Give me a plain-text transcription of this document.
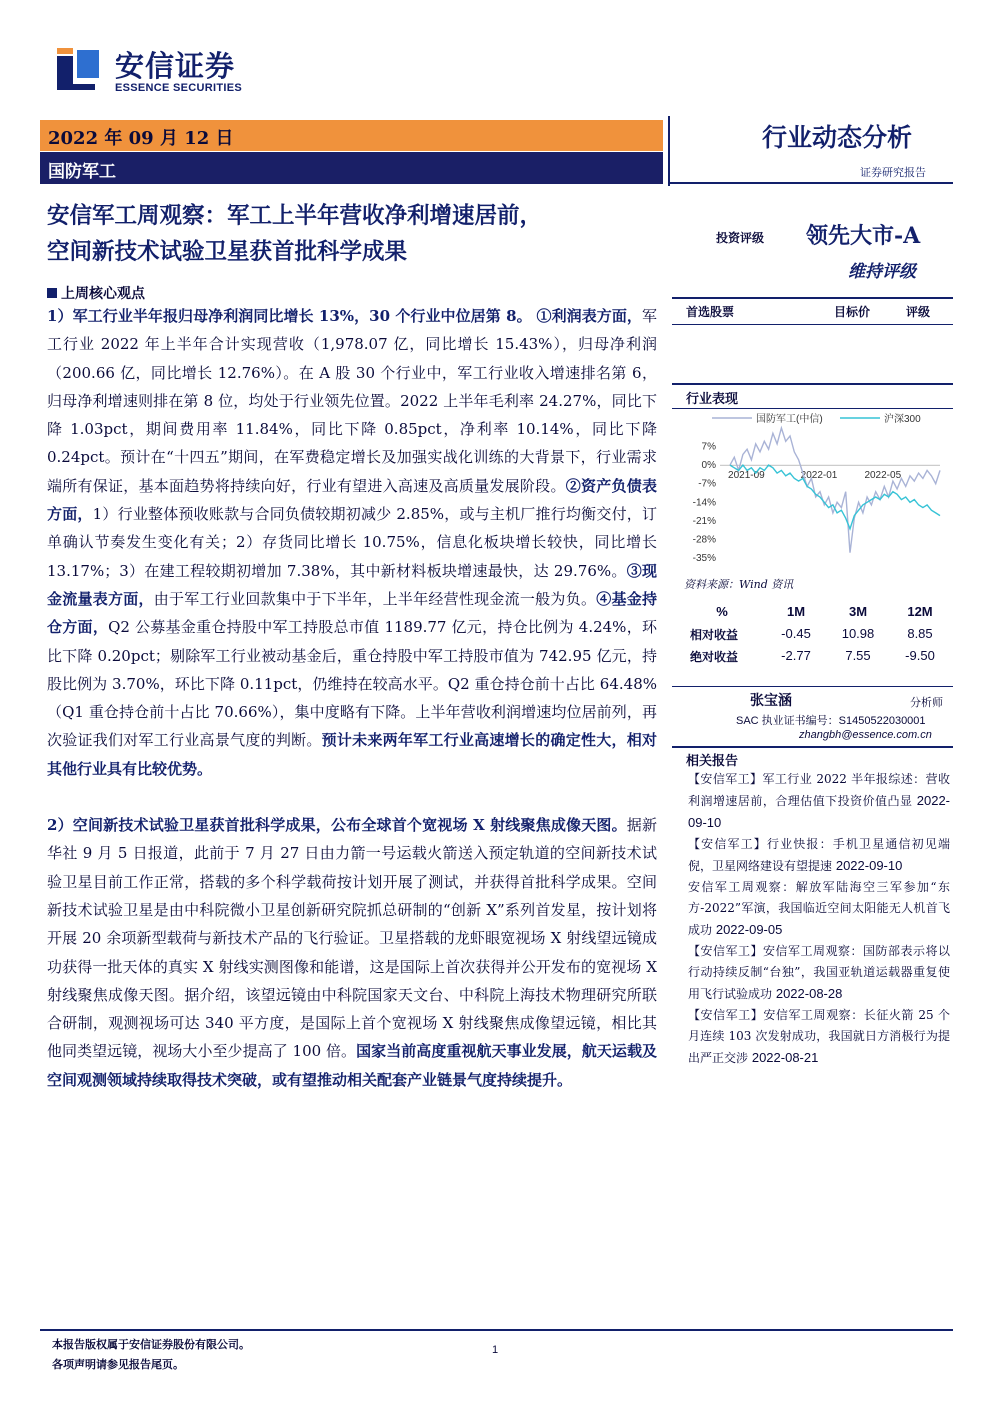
安信证券
ESSENCE SECURITIES
2022 年 09 月 12 日
国防军工
行业动态分析
证券研究报告
安信军工周观察：军工上半年营收净利增速居前，
空间新技术试验卫星获首批科学成果
投资评级 领先大市-A
维持评级
首选股票	目标价	评级
行业表现
国防军工(中信)	沪深300
7%
0%
-7%
-14%
-21%
-28%
-35%
2021-09	2022-01	2022-05
资料来源：Wind 资讯
%	1M	3M	12M
相对收益	-0.45	10.98	8.85
绝对收益	-2.77	7.55	-9.50
张宝涵	分析师
SAC 执业证书编号：S1450522030001
zhangbh@essence.com.cn
相关报告
【安信军工】军工行业 2022 半年报综述：营收利润增速居前，合理估值下投资价值凸显 2022-09-10
【安信军工】行业快报：手机卫星通信初见端倪，卫星网络建设有望提速 2022-09-10
安信军工周观察：解放军陆海空三军参加“东方-2022”军演，我国临近空间太阳能无人机首飞成功 2022-09-05
【安信军工】安信军工周观察：国防部表示将以行动持续反制“台独”，我国亚轨道运载器重复使用飞行试验成功 2022-08-28
【安信军工】安信军工周观察：长征火箭 25 个月连续 103 次发射成功，我国就日方消极行为提出严正交涉 2022-08-21
上周核心观点

1）军工行业半年报归母净利润同比增长 13%，30 个行业中位居第 8。 ①利润表方面，军工行业 2022 年上半年合计实现营收（1,978.07 亿，同比增长 15.43%），归母净利润（200.66 亿，同比增长 12.76%）。在 A 股 30 个行业中，军工行业收入增速排名第 6，归母净利增速则排在第 8 位，均处于行业领先位置。2022 上半年毛利率 24.27%，同比下降 1.03pct，期间费用率 11.84%，同比下降 0.85pct，净利率 10.14%，同比下降 0.24pct。预计在“十四五”期间，在军费稳定增长及加强实战化训练的大背景下，行业需求端所有保证，基本面趋势将持续向好，行业有望进入高速及高质量发展阶段。②资产负债表方面，1）行业整体预收账款与合同负债较期初减少 2.85%，或与主机厂推行均衡交付，订单确认节奏发生变化有关；2）存货同比增长 10.75%，信息化板块增长较快，同比增长 13.17%；3）在建工程较期初增加 7.38%，其中新材料板块增速最快，达 29.76%。③现金流量表方面，由于军工行业回款集中于下半年，上半年经营性现金流一般为负。④基金持仓方面，Q2 公募基金重仓持股中军工持股总市值 1189.77 亿元，持仓比例为 4.24%，环比下降 0.20pct；剔除军工行业被动基金后，重仓持股中军工持股市值为 742.95 亿元，持股比例为 3.70%，环比下降 0.11pct，仍维持在较高水平。Q2 重仓持仓前十占比 64.48%（Q1 重仓持仓前十占比 70.66%），集中度略有下降。上半年营收利润增速均位居前列，再次验证我们对军工行业高景气度的判断。预计未来两年军工行业高速增长的确定性大，相对其他行业具有比较优势。

2）空间新技术试验卫星获首批科学成果，公布全球首个宽视场 X 射线聚焦成像天图。据新华社 9 月 5 日报道，此前于 7 月 27 日由力箭一号运载火箭送入预定轨道的空间新技术试验卫星目前工作正常，搭载的多个科学载荷按计划开展了测试，并获得首批科学成果。空间新技术试验卫星是由中科院微小卫星创新研究院抓总研制的“创新 X”系列首发星，按计划将开展 20 余项新型载荷与新技术产品的飞行验证。卫星搭载的龙虾眼宽视场 X 射线望远镜成功获得一批天体的真实 X 射线实测图像和能谱，这是国际上首次获得并公开发布的宽视场 X 射线聚焦成像天图。据介绍，该望远镜由中科院国家天文台、中科院上海技术物理研究所联合研制，观测视场可达 340 平方度，是国际上首个宽视场 X 射线聚焦成像望远镜，相比其他同类望远镜，视场大小至少提高了 100 倍。国家当前高度重视航天事业发展，航天运载及空间观测领域持续取得技术突破，或有望推动相关配套产业链景气度持续提升。

本报告版权属于安信证券股份有限公司。
各项声明请参见报告尾页。
1
